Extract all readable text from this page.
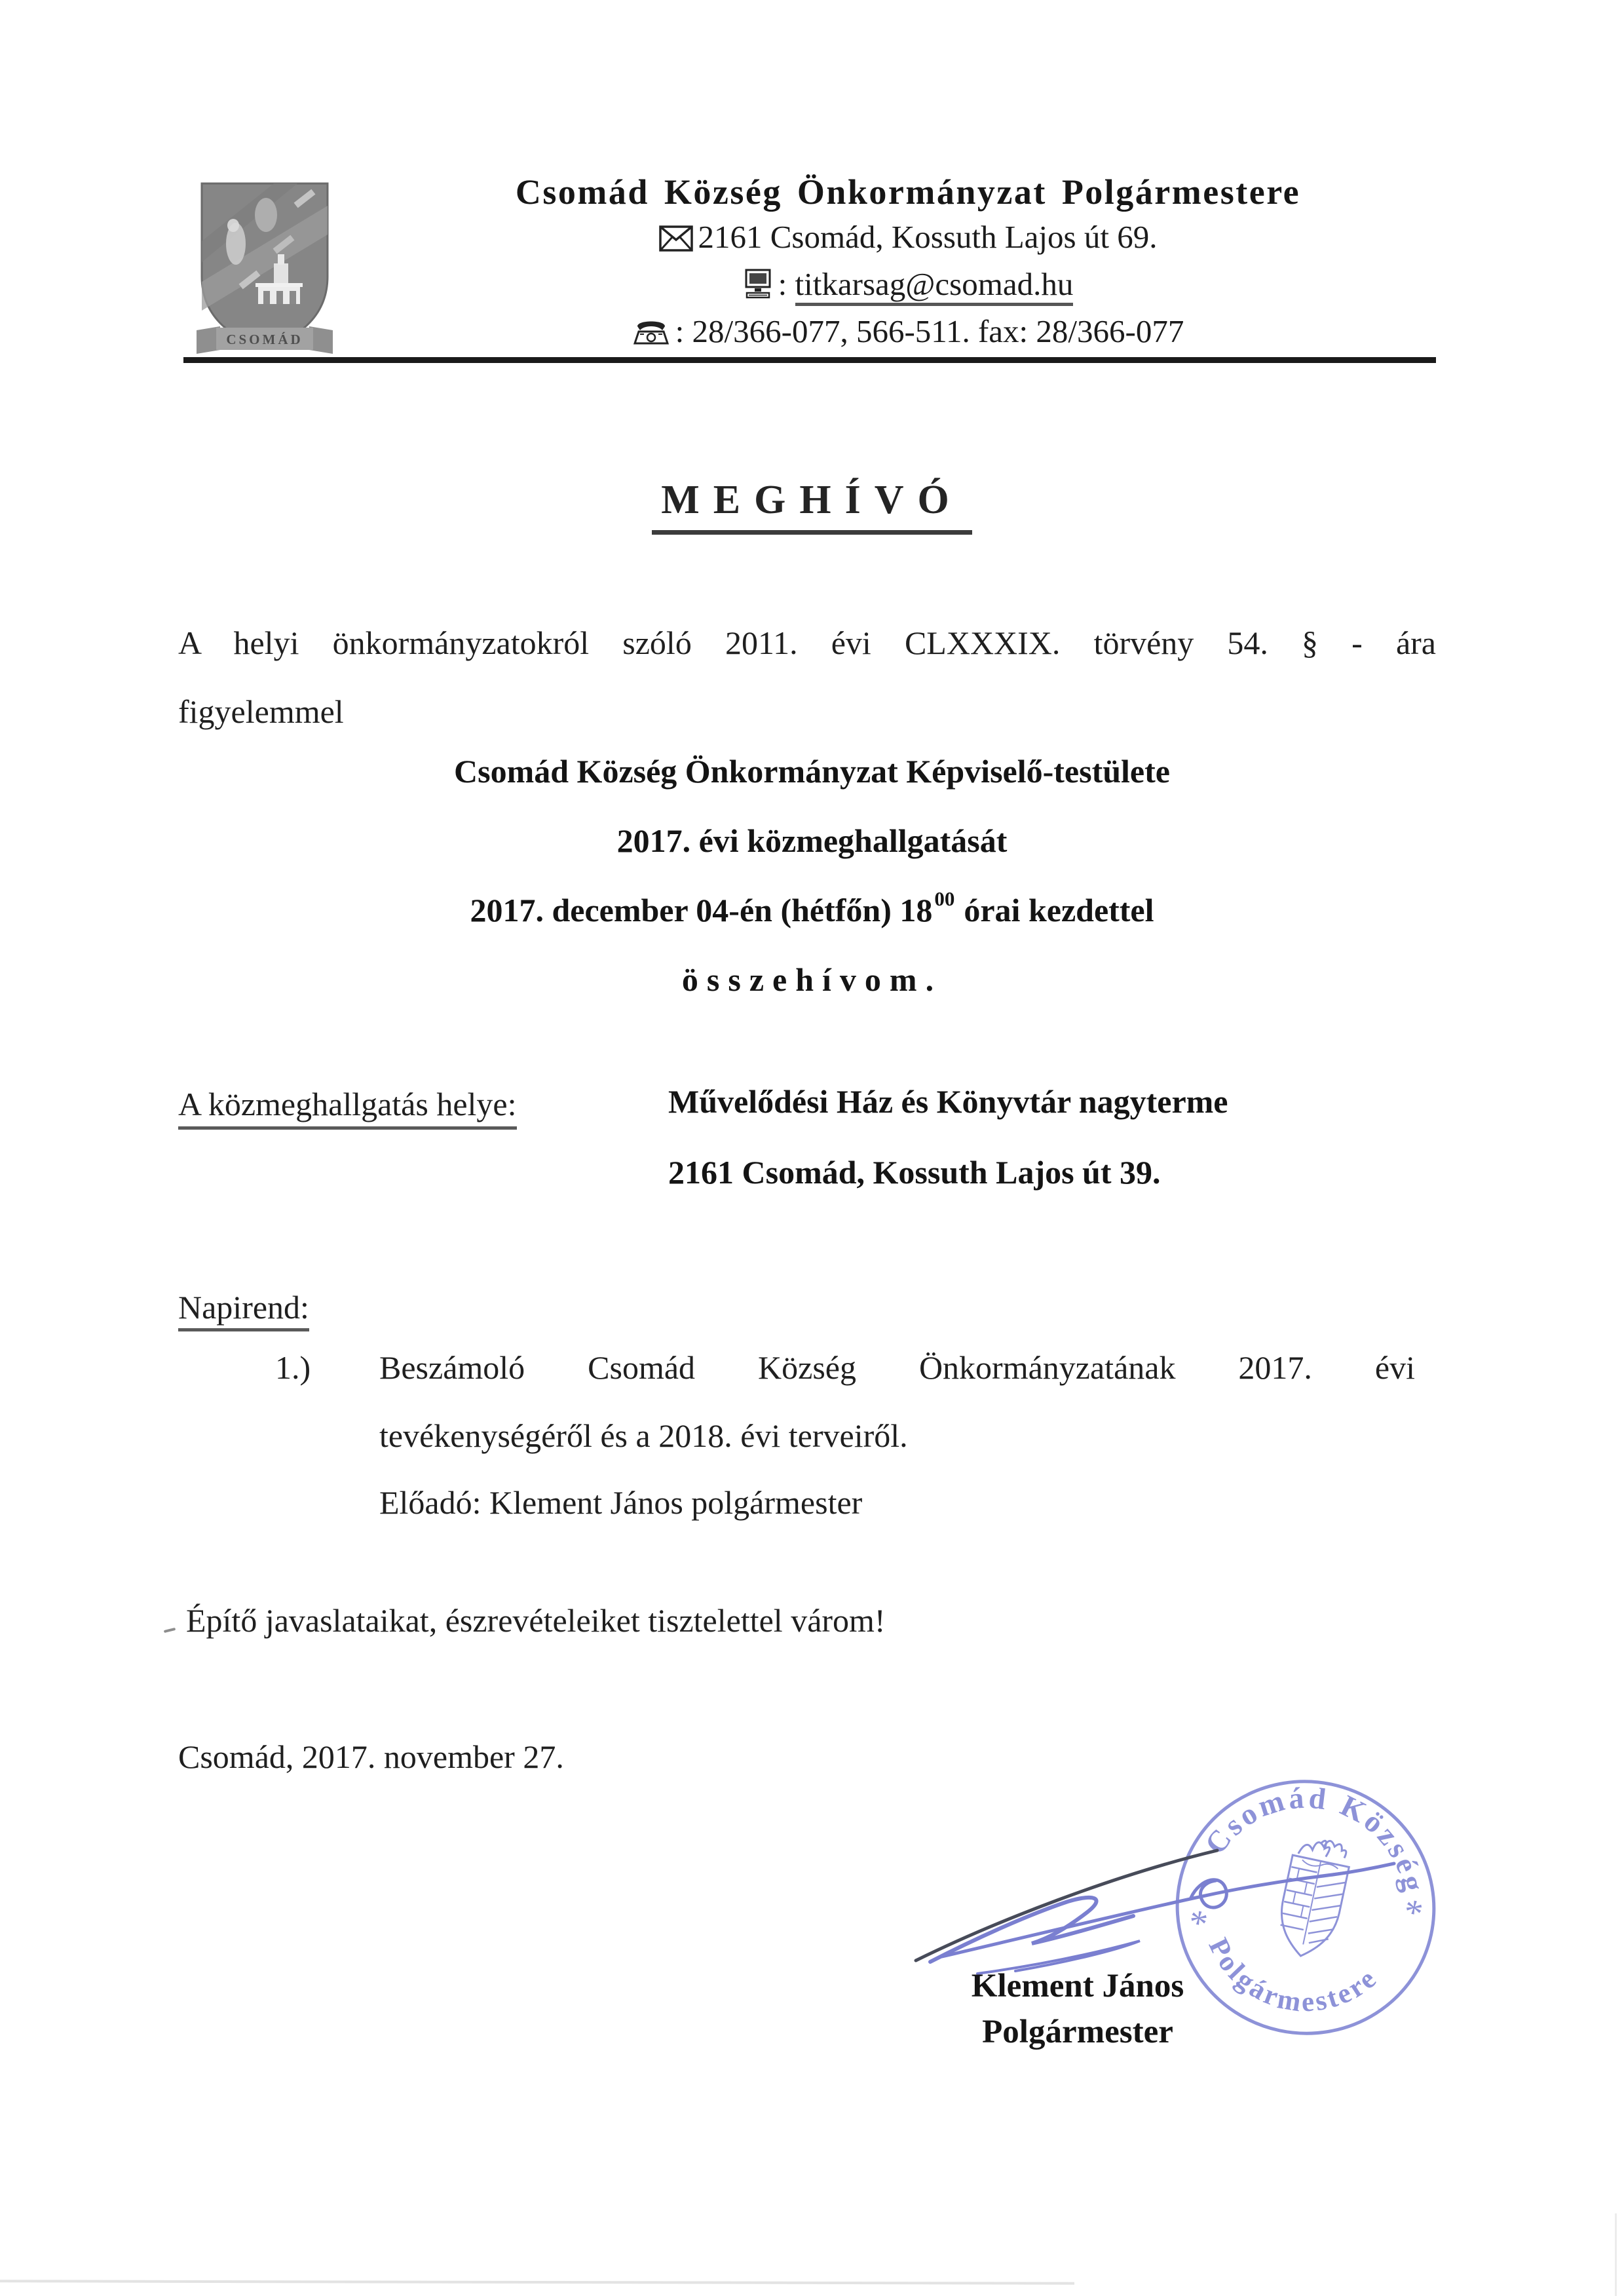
CSOMÁD
Csomád Község Önkormányzat Polgármestere
2161 Csomád, Kossuth Lajos út 69.
: titkarsag@csomad.hu
: 28/366-077, 566-511. fax: 28/366-077
MEGHÍVÓ
A helyi önkormányzatokról szóló 2011. évi CLXXXIX. törvény 54. § - ára
figyelemmel
Csomád Község Önkormányzat Képviselő-testülete
2017. évi közmeghallgatását
2017. december 04-én (hétfőn) $18^{00}$ órai kezdettel
összehívom.
A közmeghallgatás helye:	Művelődési Ház és Könyvtár nagyterme
2161 Csomád, Kossuth Lajos út 39.
Napirend:
1.) Beszámoló Csomád Község Önkormányzatának 2017. évi
tevékenységéről és a 2018. évi terveiről.
Előadó: Klement János polgármester
Építő javaslataikat, észrevételeiket tisztelettel várom!
Csomád, 2017. november 27.
Csomád Község
Polgármestere
*	*
Klement János
Polgármester
